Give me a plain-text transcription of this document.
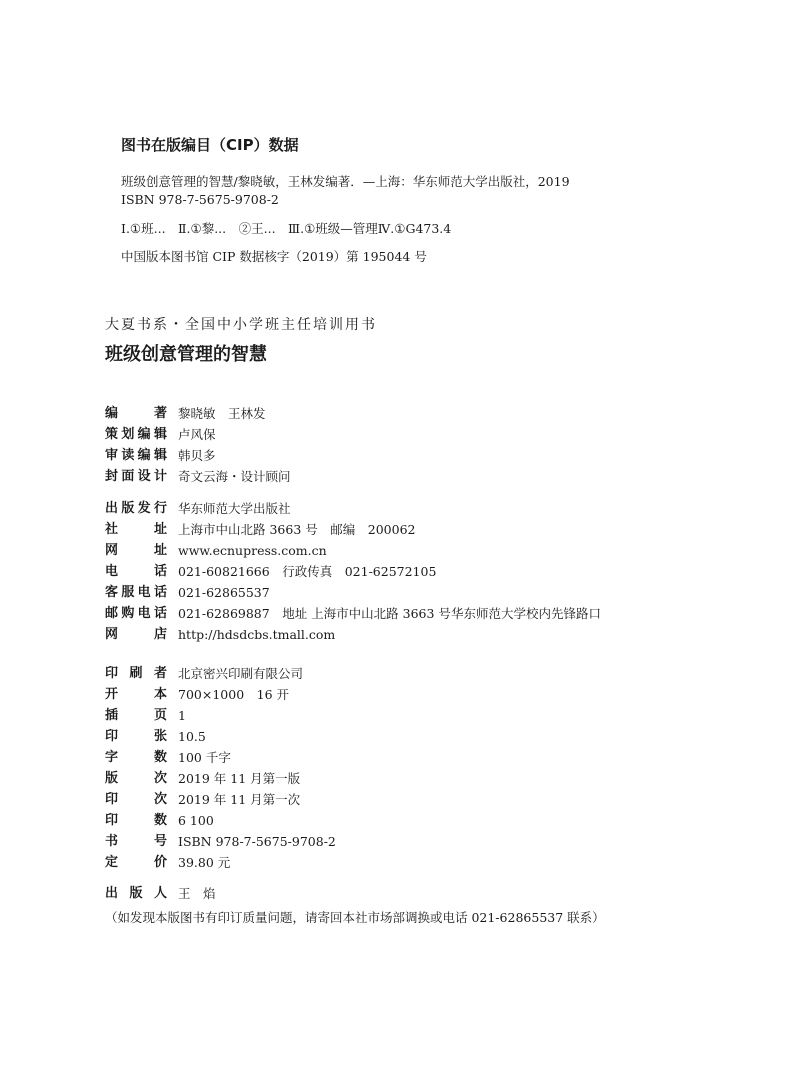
图书在版编目（CIP）数据
班级创意管理的智慧/黎晓敏，王林发编著．—上海：华东师范大学出版社，2019
ISBN 978-7-5675-9708-2
Ⅰ.①班...　Ⅱ.①黎...　②王...　Ⅲ.①班级—管理Ⅳ.①G473.4
中国版本图书馆 CIP 数据核字（2019）第 195044 号
大夏书系・全国中小学班主任培训用书
班级创意管理的智慧
编著 黎晓敏　王林发
策划编辑 卢风保
审读编辑 韩贝多
封面设计 奇文云海・设计顾问
出版发行 华东师范大学出版社
社址 上海市中山北路 3663 号　邮编　200062
网址 www.ecnupress.com.cn
电话 021-60821666　行政传真　021-62572105
客服电话 021-62865537
邮购电话 021-62869887　地址 上海市中山北路 3663 号华东师范大学校内先锋路口
网店 http://hdsdcbs.tmall.com
印刷者 北京密兴印刷有限公司
开本 700×1000　16 开
插页 1
印张 10.5
字数 100 千字
版次 2019 年 11 月第一版
印次 2019 年 11 月第一次
印数 6 100
书号 ISBN 978-7-5675-9708-2
定价 39.80 元
出版人 王　焰
（如发现本版图书有印订质量问题，请寄回本社市场部调换或电话 021-62865537 联系）
